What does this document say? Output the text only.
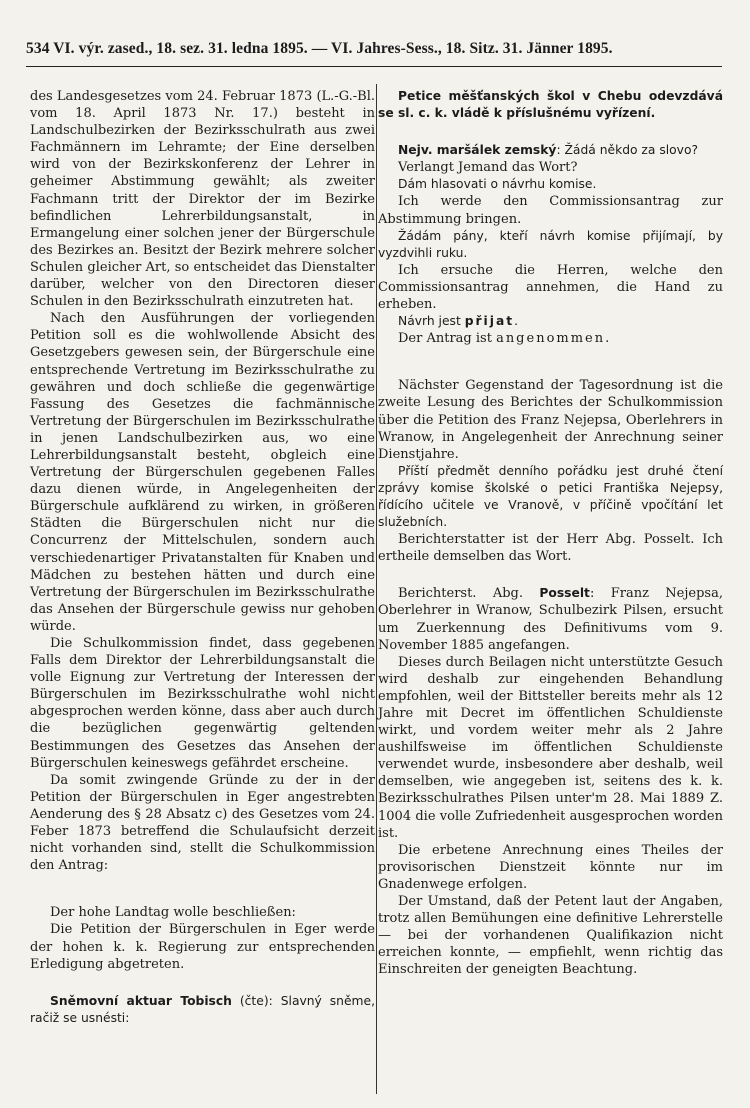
534 VI. výr. zased., 18. sez. 31. ledna 1895. — VI. Jahres-Sess., 18. Sitz. 31. Jänner 1895.

des Landesgesetzes vom 24. Februar 1873 (L.-G.-Bl. vom 18. April 1873 Nr. 17.) besteht in Landschulbezirken der Bezirksschulrath aus zwei Fachmännern im Lehramte; der Eine derselben wird von der Bezirkskonferenz der Lehrer in geheimer Abstimmung gewählt; als zweiter Fachmann tritt der Direktor der im Bezirke befindlichen Lehrerbildungsanstalt, in Ermangelung einer solchen jener der Bürgerschule des Bezirkes an. Besitzt der Bezirk mehrere solcher Schulen gleicher Art, so entscheidet das Dienstalter darüber, welcher von den Directoren dieser Schulen in den Bezirksschulrath einzutreten hat.

Nach den Ausführungen der vorliegenden Petition soll es die wohlwollende Absicht des Gesetzgebers gewesen sein, der Bürgerschule eine entsprechende Vertretung im Bezirksschulrathe zu gewähren und doch schließe die gegenwärtige Fassung des Gesetzes die fachmännische Vertretung der Bürgerschulen im Bezirksschulrathe in jenen Landschulbezirken aus, wo eine Lehrerbildungsanstalt besteht, obgleich eine Vertretung der Bürgerschulen gegebenen Falles dazu dienen würde, in Angelegenheiten der Bürgerschule aufklärend zu wirken, in größeren Städten die Bürgerschulen nicht nur die Concurrenz der Mittelschulen, sondern auch verschiedenartiger Privatanstalten für Knaben und Mädchen zu bestehen hätten und durch eine Vertretung der Bürgerschulen im Bezirksschulrathe das Ansehen der Bürgerschule gewiss nur gehoben würde.

Die Schulkommission findet, dass gegebenen Falls dem Direktor der Lehrerbildungsanstalt die volle Eignung zur Vertretung der Interessen der Bürgerschulen im Bezirksschulrathe wohl nicht abgesprochen werden könne, dass aber auch durch die bezüglichen gegenwärtig geltenden Bestimmungen des Gesetzes das Ansehen der Bürgerschulen keineswegs gefährdet erscheine.

Da somit zwingende Gründe zu der in der Petition der Bürgerschulen in Eger angestrebten Aenderung des § 28 Absatz c) des Gesetzes vom 24. Feber 1873 betreffend die Schulaufsicht derzeit nicht vorhanden sind, stellt die Schulkommission den Antrag:

Der hohe Landtag wolle beschließen:

Die Petition der Bürgerschulen in Eger werde der hohen k. k. Regierung zur entsprechenden Erledigung abgetreten.

Sněmovní aktuar Tobisch (čte): Slavný sněme, račiž se usnésti:

Petice měšťanských škol v Chebu odevzdává se sl. c. k. vládě k příslušnému vyřízení.

Nejv. maršálek zemský: Žádá někdo za slovo?

Verlangt Jemand das Wort?

Dám hlasovati o návrhu komise.

Ich werde den Commissionsantrag zur Abstimmung bringen.

Žádám pány, kteří návrh komise přijímají, by vyzdvihli ruku.

Ich ersuche die Herren, welche den Commissionsantrag annehmen, die Hand zu erheben.

Návrh jest přijat.

Der Antrag ist angenommen.

Nächster Gegenstand der Tagesordnung ist die zweite Lesung des Berichtes der Schulkommission über die Petition des Franz Nejepsa, Oberlehrers in Wranow, in Angelegenheit der Anrechnung seiner Dienstjahre.

Příští předmět denního pořádku jest druhé čtení zprávy komise školské o petici Františka Nejepsy, řídícího učitele ve Vranově, v příčině vpočítání let služebních.

Berichterstatter ist der Herr Abg. Posselt. Ich ertheile demselben das Wort.

Berichterst. Abg. Posselt: Franz Nejepsa, Oberlehrer in Wranow, Schulbezirk Pilsen, ersucht um Zuerkennung des Definitivums vom 9. November 1885 angefangen.

Dieses durch Beilagen nicht unterstützte Gesuch wird deshalb zur eingehenden Behandlung empfohlen, weil der Bittsteller bereits mehr als 12 Jahre mit Decret im öffentlichen Schuldienste wirkt, und vordem weiter mehr als 2 Jahre aushilfsweise im öffentlichen Schuldienste verwendet wurde, insbesondere aber deshalb, weil demselben, wie angegeben ist, seitens des k. k. Bezirksschulrathes Pilsen unter'm 28. Mai 1889 Z. 1004 die volle Zufriedenheit ausgesprochen worden ist.

Die erbetene Anrechnung eines Theiles der provisorischen Dienstzeit könnte nur im Gnadenwege erfolgen.

Der Umstand, daß der Petent laut der Angaben, trotz allen Bemühungen eine definitive Lehrerstelle — bei der vorhandenen Qualifikazion nicht erreichen konnte, — empfiehlt, wenn richtig das Einschreiten der geneigten Beachtung.
